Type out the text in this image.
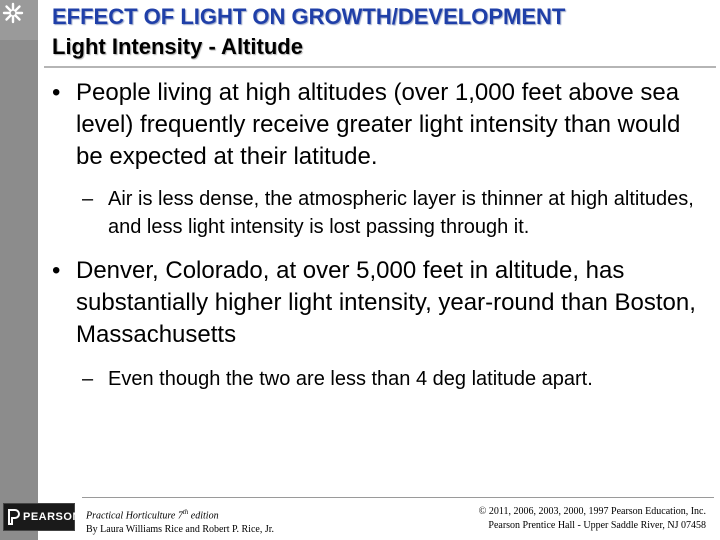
EFFECT OF LIGHT ON GROWTH/DEVELOPMENT
Light Intensity - Altitude
• People living at high altitudes (over 1,000 feet above sea level) frequently receive greater light intensity than would be expected at their latitude.
– Air is less dense, the atmospheric layer is thinner at high altitudes, and less light intensity is lost passing through it.
• Denver, Colorado, at over 5,000 feet in altitude, has substantially higher light intensity, year-round than Boston, Massachusetts
– Even though the two are less than 4 deg latitude apart.
PEARSON Practical Horticulture 7th edition
By Laura Williams Rice and Robert P. Rice, Jr.
© 2011, 2006, 2003, 2000, 1997 Pearson Education, Inc.
Pearson Prentice Hall - Upper Saddle River, NJ 07458
